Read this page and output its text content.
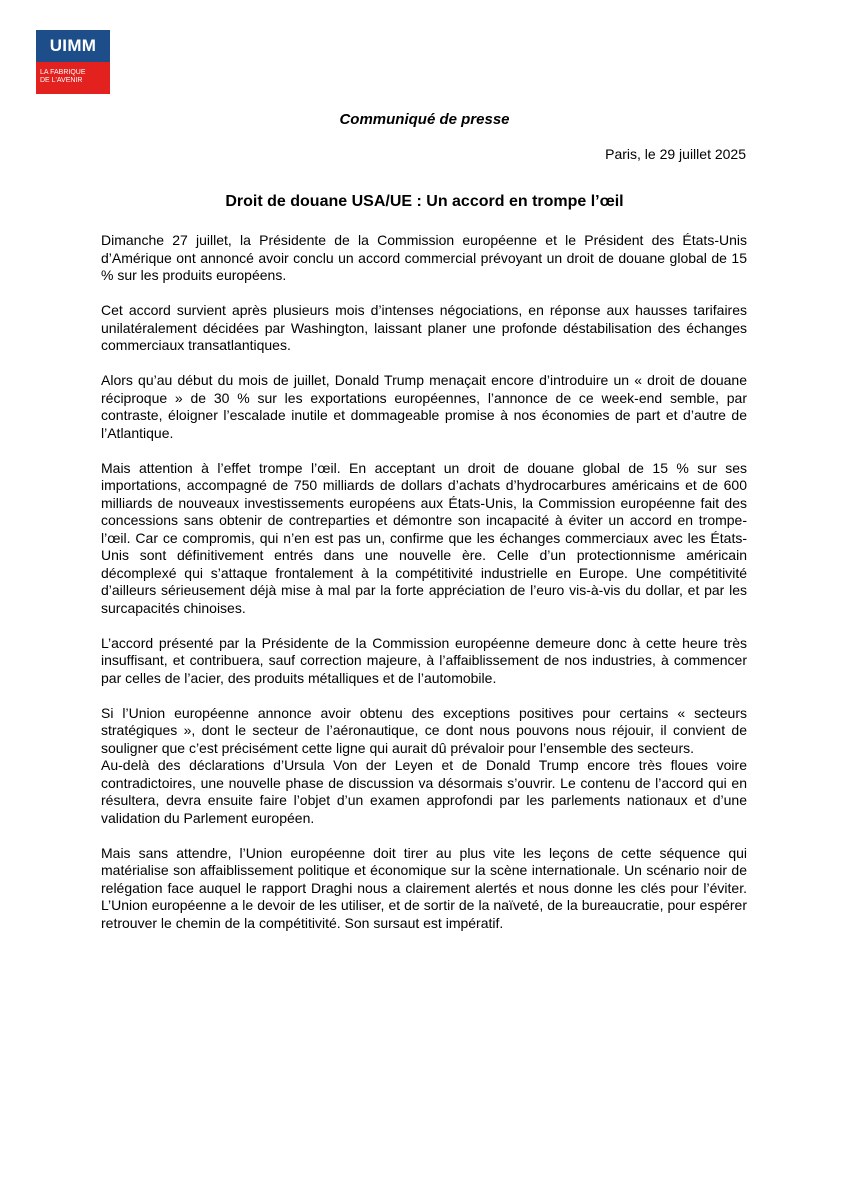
UIMM
LA FABRIQUE
DE L'AVENIR
Communiqué de presse
Paris, le 29 juillet 2025
Droit de douane USA/UE : Un accord en trompe l’œil

Dimanche 27 juillet, la Présidente de la Commission européenne et le Président des États-Unis d’Amérique ont annoncé avoir conclu un accord commercial prévoyant un droit de douane global de 15 % sur les produits européens.

Cet accord survient après plusieurs mois d’intenses négociations, en réponse aux hausses tarifaires unilatéralement décidées par Washington, laissant planer une profonde déstabilisation des échanges commerciaux transatlantiques.

Alors qu’au début du mois de juillet, Donald Trump menaçait encore d’introduire un « droit de douane réciproque » de 30 % sur les exportations européennes, l’annonce de ce week-end semble, par contraste, éloigner l’escalade inutile et dommageable promise à nos économies de part et d’autre de l’Atlantique.

Mais attention à l’effet trompe l’œil. En acceptant un droit de douane global de 15 % sur ses importations, accompagné de 750 milliards de dollars d’achats d’hydrocarbures américains et de 600 milliards de nouveaux investissements européens aux États-Unis, la Commission européenne fait des concessions sans obtenir de contreparties et démontre son incapacité à éviter un accord en trompe-l’œil. Car ce compromis, qui n’en est pas un, confirme que les échanges commerciaux avec les États-Unis sont définitivement entrés dans une nouvelle ère. Celle d’un protectionnisme américain décomplexé qui s’attaque frontalement à la compétitivité industrielle en Europe. Une compétitivité d’ailleurs sérieusement déjà mise à mal par la forte appréciation de l’euro vis-à-vis du dollar, et par les surcapacités chinoises.

L’accord présenté par la Présidente de la Commission européenne demeure donc à cette heure très insuffisant, et contribuera, sauf correction majeure, à l’affaiblissement de nos industries, à commencer par celles de l’acier, des produits métalliques et de l’automobile.

Si l’Union européenne annonce avoir obtenu des exceptions positives pour certains « secteurs stratégiques », dont le secteur de l’aéronautique, ce dont nous pouvons nous réjouir, il convient de souligner que c’est précisément cette ligne qui aurait dû prévaloir pour l’ensemble des secteurs.

Au-delà des déclarations d’Ursula Von der Leyen et de Donald Trump encore très floues voire contradictoires, une nouvelle phase de discussion va désormais s’ouvrir. Le contenu de l’accord qui en résultera, devra ensuite faire l’objet d’un examen approfondi par les parlements nationaux et d’une validation du Parlement européen.

Mais sans attendre, l’Union européenne doit tirer au plus vite les leçons de cette séquence qui matérialise son affaiblissement politique et économique sur la scène internationale. Un scénario noir de relégation face auquel le rapport Draghi nous a clairement alertés et nous donne les clés pour l’éviter. L’Union européenne a le devoir de les utiliser, et de sortir de la naïveté, de la bureaucratie, pour espérer retrouver le chemin de la compétitivité. Son sursaut est impératif.
